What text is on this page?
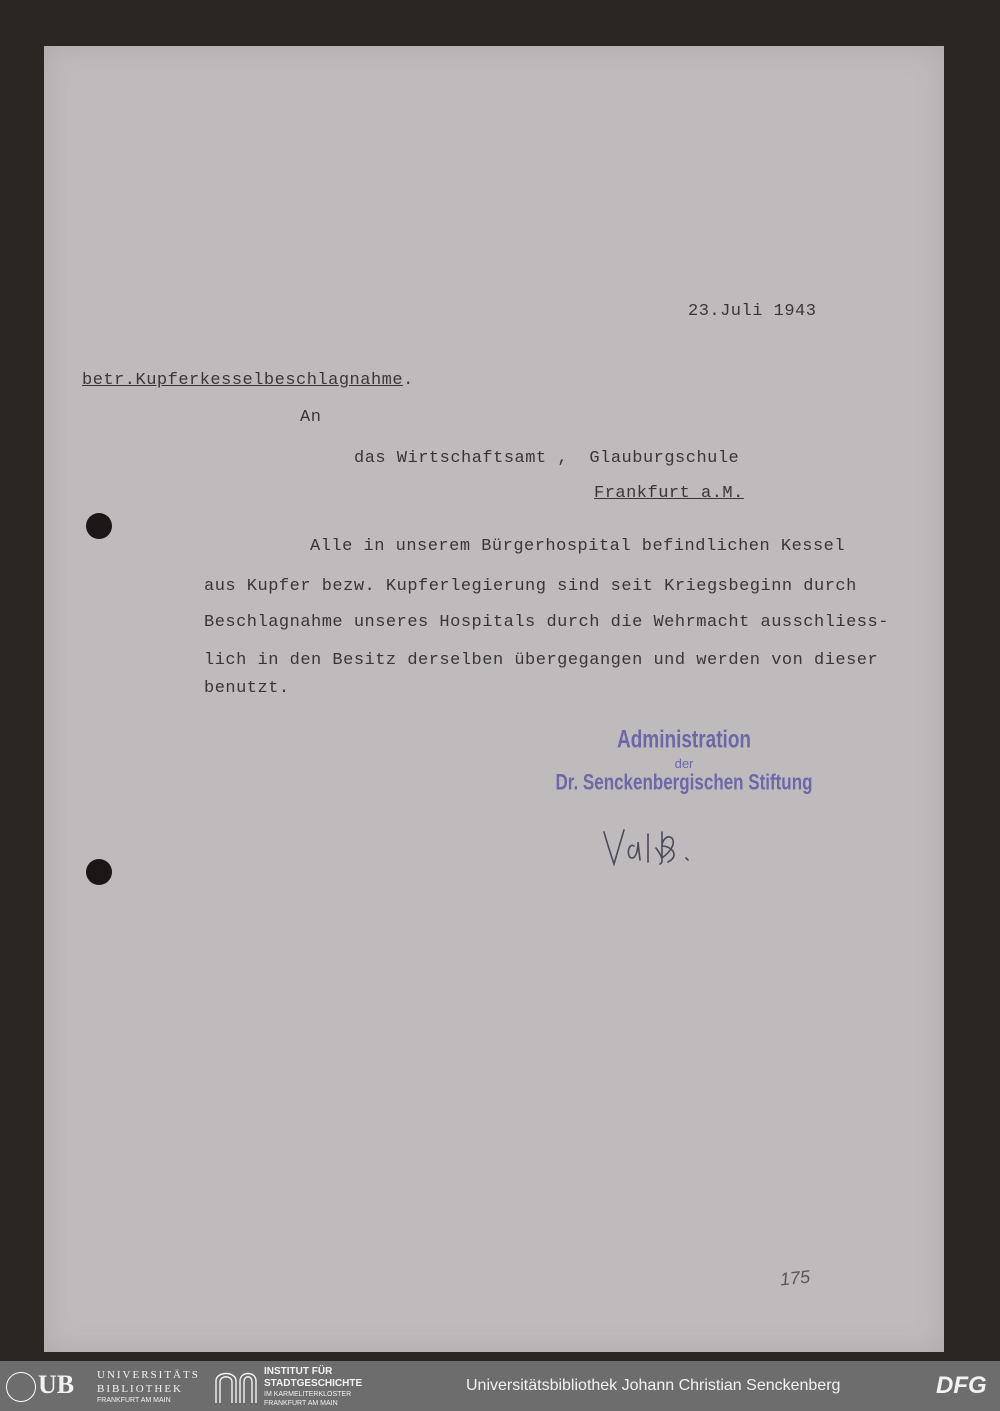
23.Juli 1943
betr.Kupferkesselbeschlagnahme.
An
das Wirtschaftsamt ,  Glauburgschule
Frankfurt a.M.
Alle in unserem Bürgerhospital befindlichen Kessel
aus Kupfer bezw. Kupferlegierung sind seit Kriegsbeginn durch
Beschlagnahme unseres Hospitals durch die Wehrmacht ausschliess-
lich in den Besitz derselben übergegangen und werden von dieser
benutzt.
Administration
der
Dr. Senckenbergischen Stiftung
175
UB UNIVERSITÄTS
BIBLIOTHEK
FRANKFURT AM MAIN
INSTITUT FÜR
STADTGESCHICHTE
IM KARMELITERKLOSTER
FRANKFURT AM MAIN
Universitätsbibliothek Johann Christian Senckenberg	DFG
